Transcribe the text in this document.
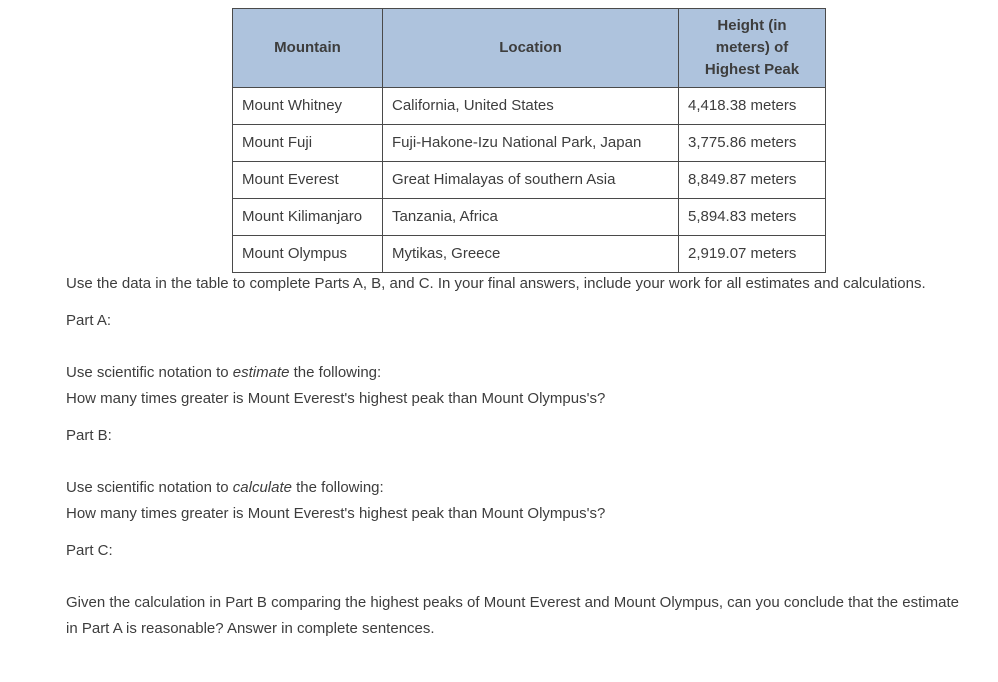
Mountain	Location	Height (in meters) of Highest Peak
Mount Whitney	California, United States	4,418.38 meters
Mount Fuji	Fuji-Hakone-Izu National Park, Japan	3,775.86 meters
Mount Everest	Great Himalayas of southern Asia	8,849.87 meters
Mount Kilimanjaro	Tanzania, Africa	5,894.83 meters
Mount Olympus	Mytikas, Greece	2,919.07 meters

Use the data in the table to complete Parts A, B, and C. In your final answers, include your work for all estimates and calculations.

Part A:

Use scientific notation to estimate the following:
How many times greater is Mount Everest's highest peak than Mount Olympus's?

Part B:

Use scientific notation to calculate the following:
How many times greater is Mount Everest's highest peak than Mount Olympus's?

Part C:

Given the calculation in Part B comparing the highest peaks of Mount Everest and Mount Olympus, can you conclude that the estimate in Part A is reasonable? Answer in complete sentences.
